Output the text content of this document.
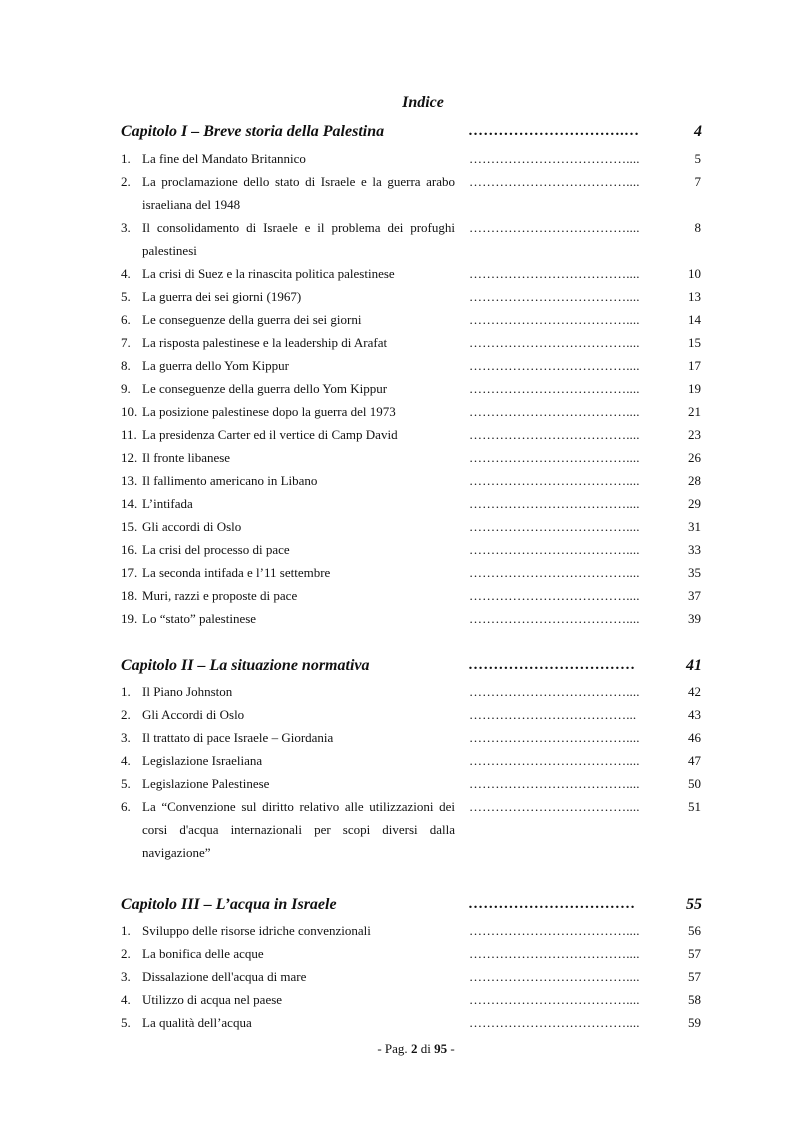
Indice
Capitolo I – Breve storia della Palestina	………………………….…	4
1. La fine del Mandato Britannico	………………………………....	5
2. La proclamazione dello stato di Israele e la guerra arabo israeliana del 1948
………………………………....	7
3. Il consolidamento di Israele e il problema dei profughi palestinesi
………………………………....	8
4. La crisi di Suez e la rinascita politica palestinese	………………………………....	10
5. La guerra dei sei giorni (1967)	………………………………....	13
6. Le conseguenze della guerra dei sei giorni	………………………………....	14
7. La risposta palestinese e la leadership di Arafat	………………………………....	15
8. La guerra dello Yom Kippur	………………………………....	17
9. Le conseguenze della guerra dello Yom Kippur	………………………………....	19
10. La posizione palestinese dopo la guerra del 1973	………………………………....	21
11. La presidenza Carter ed il vertice di Camp David	………………………………....	23
12. Il fronte libanese	………………………………....	26
13. Il fallimento americano in Libano	………………………………....	28
14. L’intifada	………………………………....	29
15. Gli accordi di Oslo	………………………………....	31
16. La crisi del processo di pace	………………………………....	33
17. La seconda intifada e l’11 settembre	………………………………....	35
18. Muri, razzi e proposte di pace	………………………………....	37
19. Lo “stato” palestinese	………………………………....	39
Capitolo II – La situazione normativa	……………………………	41
1. Il Piano Johnston	………………………………....	42
2. Gli Accordi di Oslo	………………………………...	43
3. Il trattato di pace Israele – Giordania	………………………………....	46
4. Legislazione Israeliana	………………………………....	47
5. Legislazione Palestinese	………………………………....	50
6. La “Convenzione sul diritto relativo alle utilizzazioni dei corsi d'acqua internazionali per scopi diversi dalla navigazione”
………………………………....	51
Capitolo III – L’acqua in Israele	……………………………	55
1. Sviluppo delle risorse idriche convenzionali	………………………………....	56
2. La bonifica delle acque	………………………………....	57
3. Dissalazione dell'acqua di mare	………………………………....	57
4. Utilizzo di acqua nel paese	………………………………....	58
5. La qualità dell’acqua	………………………………....	59
- Pag. 2 di 95 -
